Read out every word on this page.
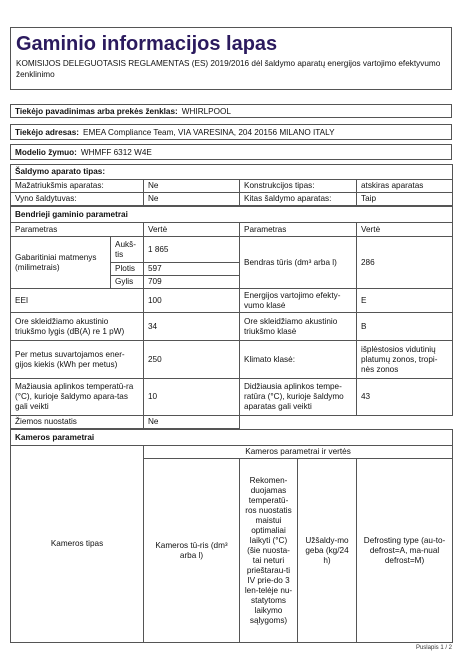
Gaminio informacijos lapas
KOMISIJOS DELEGUOTASIS REGLAMENTAS (ES) 2019/2016 dėl šaldymo aparatų energijos vartojimo efektyvumo ženklinimo
Tiekėjo pavadinimas arba prekės ženklas: WHIRLPOOL
Tiekėjo adresas: EMEA Compliance Team, VIA VARESINA, 204 20156 MILANO ITALY
Modelio žymuo: WHMFF 6312 W4E
Šaldymo aparato tipas:			
Mažatriukšmis aparatas:	Ne	Konstrukcijos tipas:	atskiras aparatas
Vyno šaldytuvas:	Ne	Kitas šaldymo aparatas:	Taip
Bendrieji gaminio parametrai				
Parametras		Vertė	Parametras	Vertė
Gabaritiniai matmenys (milimetrais)	Aukš-tis	1 865	Bendras tūris (dm³ arba l)	286
	Plotis	597		
	Gylis	709		
EEI		100	Energijos vartojimo efekty-vumo klasė	E
Ore skleidžiamo akustinio triukšmo lygis (dB(A) re 1 pW)		34	Ore skleidžiamo akustinio triukšmo klasė	B
Per metus suvartojamos ener-gijos kiekis (kWh per metus)		250	Klimato klasė:	išplėstosios vidutinių platumų zonos, tropi-nės zonos
Mažiausia aplinkos temperatū-ra (°C), kurioje šaldymo apara-tas gali veikti		10	Didžiausia aplinkos tempe-ratūra (°C), kuriojе šaldymo aparatas gali veikti	43
Žiemos nuostatis		Ne		
Kameros parametrai				
Kameros tipas	Kameros parametrai ir vertės			
	Kameros tū-ris (dm³ arba l)	Rekomen-duojamas temperatū-ros nuostatis maistui optimaliai laikyti (°C) (šie nuosta-tai neturi prieštarau-ti IV prie-do 3 len-telėje nu-statytoms laikymo sąlygoms)	Užšaldy-mo geba (kg/24 h)	Defrosting type (au-to-defrost=A, ma-nual defrost=M)
Puslapis 1 / 2
